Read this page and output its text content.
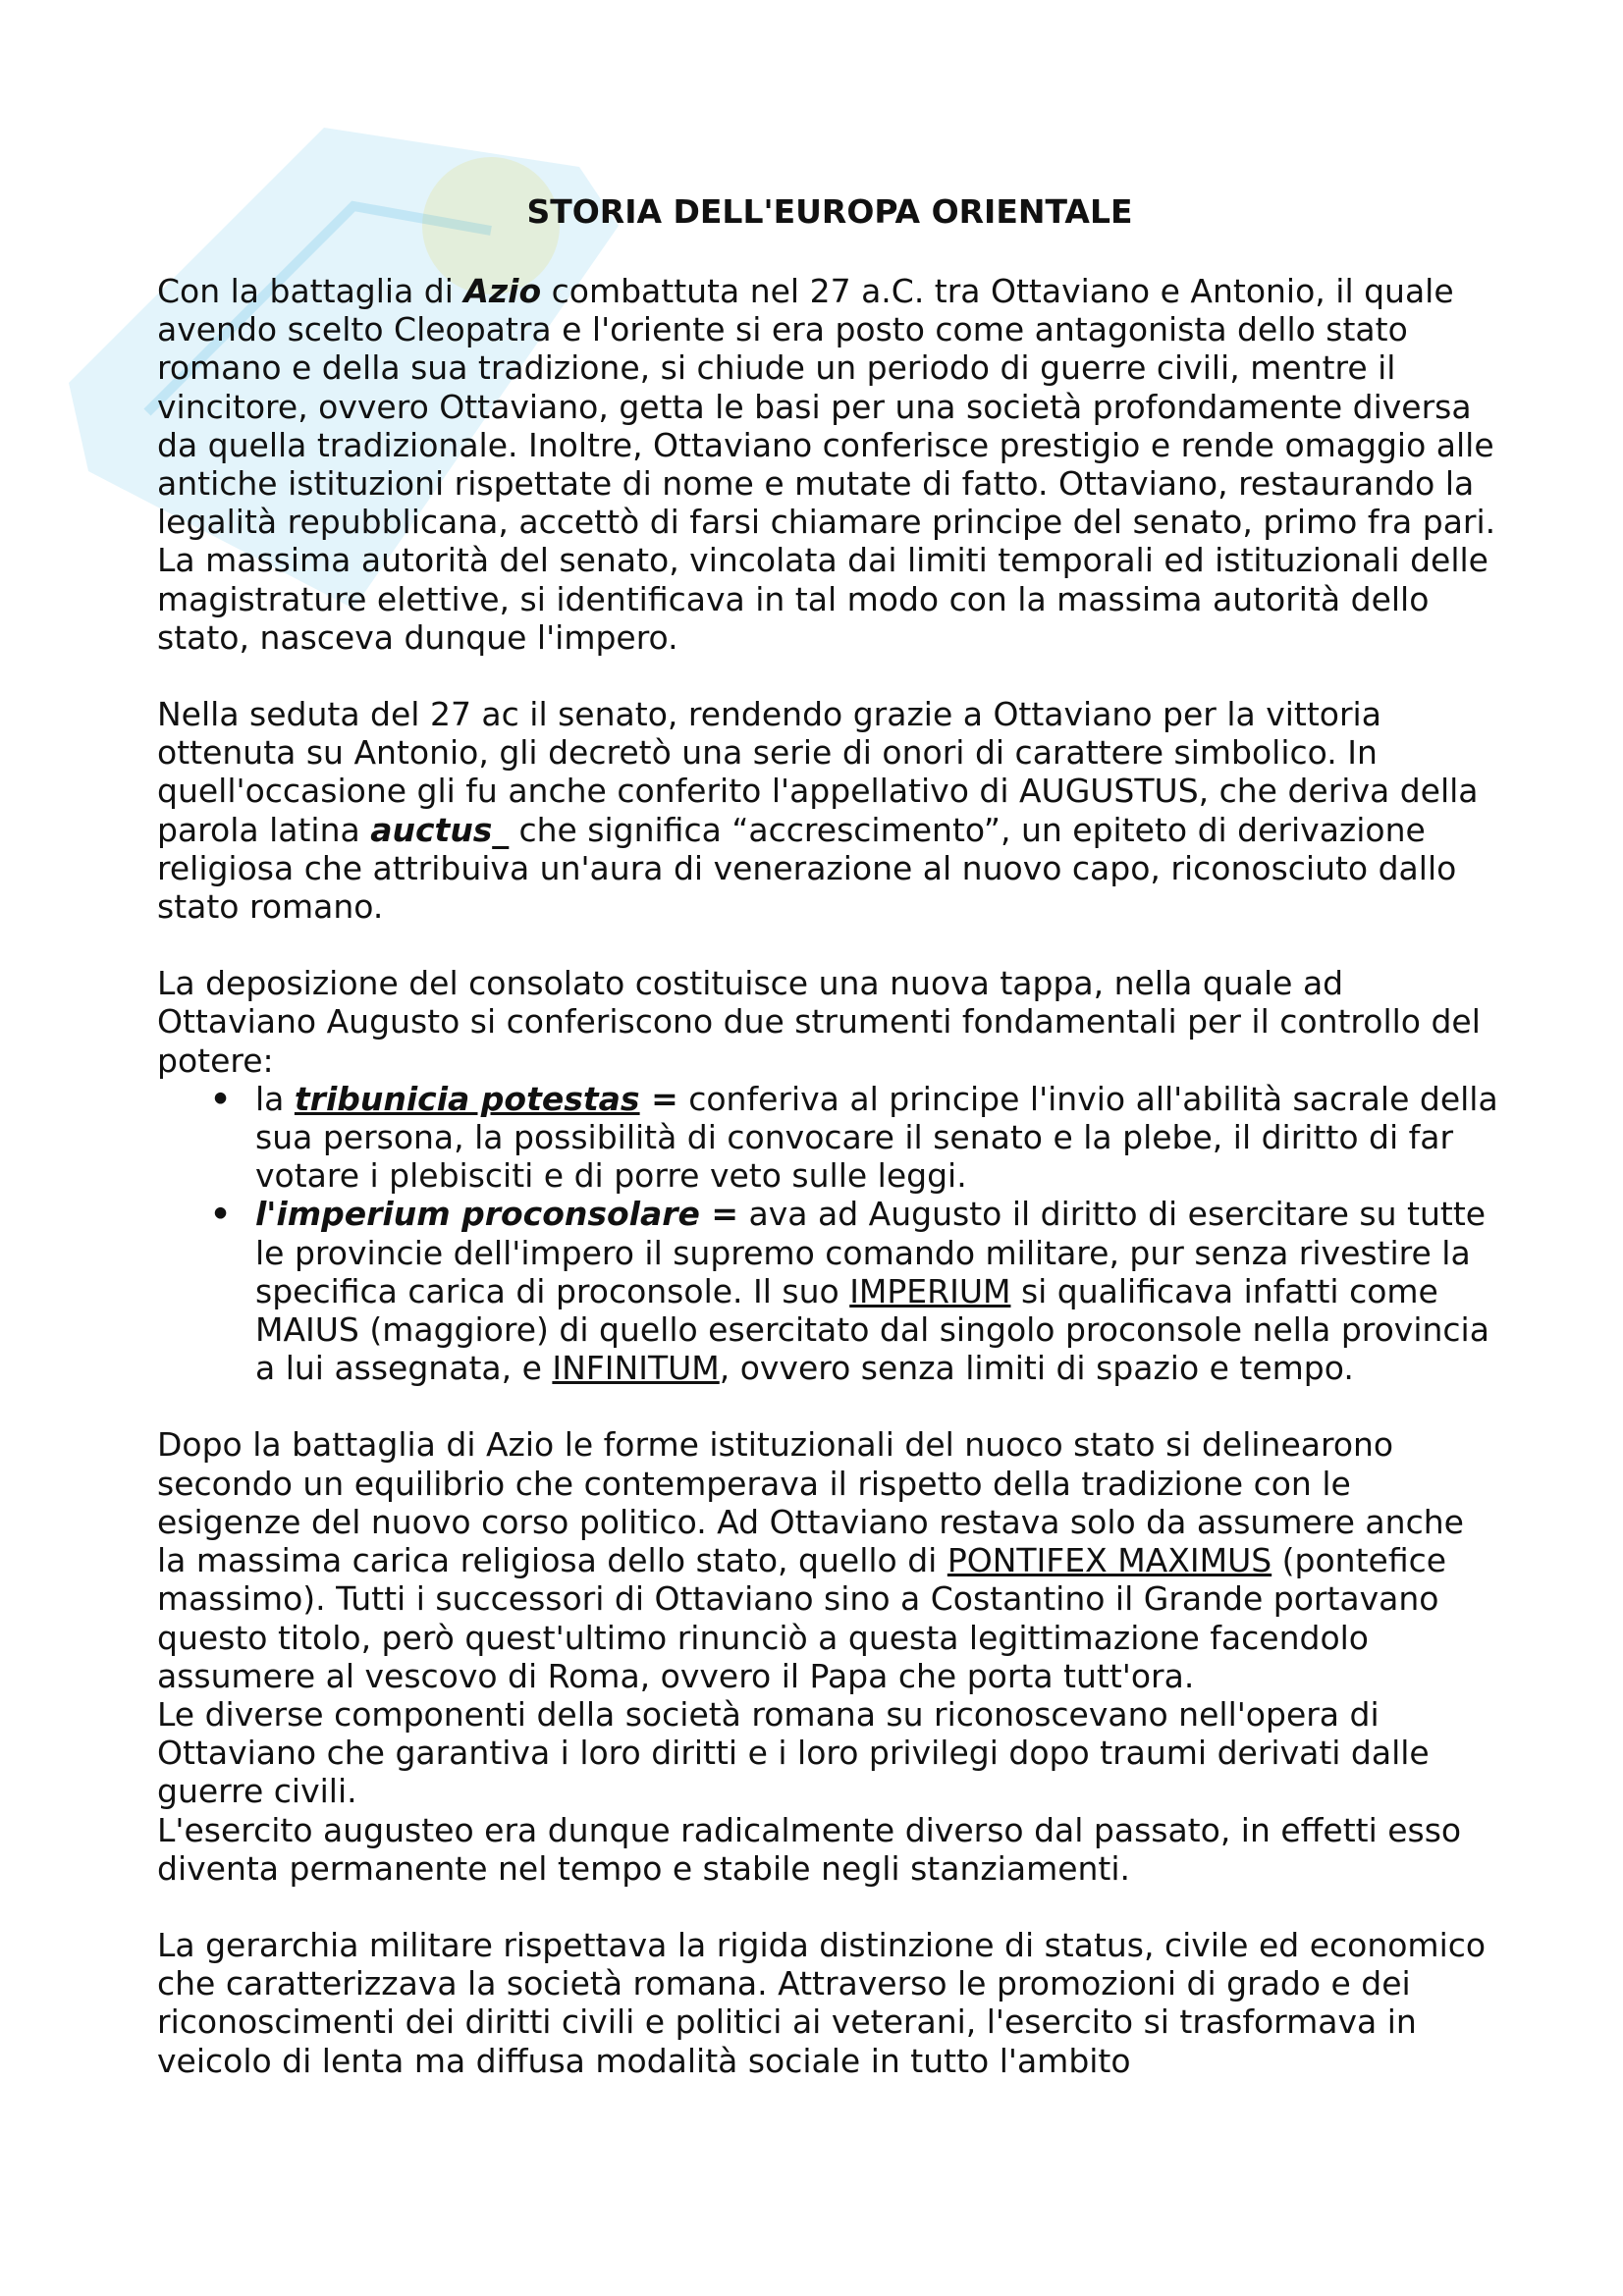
STORIA DELL'EUROPA ORIENTALE

Con la battaglia di Azio combattuta nel 27 a.C. tra Ottaviano e Antonio, il quale avendo scelto Cleopatra e l'oriente si era posto come antagonista dello stato romano e della sua tradizione, si chiude un periodo di guerre civili, mentre il vincitore, ovvero Ottaviano, getta le basi per una società profondamente diversa da quella tradizionale. Inoltre, Ottaviano conferisce prestigio e rende omaggio alle antiche istituzioni rispettate di nome e mutate di fatto. Ottaviano, restaurando la legalità repubblicana, accettò di farsi chiamare principe del senato, primo fra pari. La massima autorità del senato, vincolata dai limiti temporali ed istituzionali delle magistrature elettive, si identificava in tal modo con la massima autorità dello stato, nasceva dunque l'impero.

Nella seduta del 27 ac il senato, rendendo grazie a Ottaviano per la vittoria ottenuta su Antonio, gli decretò una serie di onori di carattere simbolico. In quell'occasione gli fu anche conferito l'appellativo di AUGUSTUS, che deriva della parola latina auctus_ che significa “accrescimento”, un epiteto di derivazione religiosa che attribuiva un'aura di venerazione al nuovo capo, riconosciuto dallo stato romano.

La deposizione del consolato costituisce una nuova tappa, nella quale ad Ottaviano Augusto si conferiscono due strumenti fondamentali per il controllo del potere:

• la tribunicia potestas = conferiva al principe l'invio all'abilità sacrale della sua persona, la possibilità di convocare il senato e la plebe, il diritto di far votare i plebisciti e di porre veto sulle leggi.
• l'imperium proconsolare = ava ad Augusto il diritto di esercitare su tutte le provincie dell'impero il supremo comando militare, pur senza rivestire la specifica carica di proconsole. Il suo IMPERIUM si qualificava infatti come MAIUS (maggiore) di quello esercitato dal singolo proconsole nella provincia a lui assegnata, e INFINITUM, ovvero senza limiti di spazio e tempo.

Dopo la battaglia di Azio le forme istituzionali del nuoco stato si delinearono secondo un equilibrio che contemperava il rispetto della tradizione con le esigenze del nuovo corso politico. Ad Ottaviano restava solo da assumere anche la massima carica religiosa dello stato, quello di PONTIFEX MAXIMUS (pontefice massimo). Tutti i successori di Ottaviano sino a Costantino il Grande portavano questo titolo, però quest'ultimo rinunciò a questa legittimazione facendolo assumere al vescovo di Roma, ovvero il Papa che porta tutt'ora.

Le diverse componenti della società romana su riconoscevano nell'opera di Ottaviano che garantiva i loro diritti e i loro privilegi dopo traumi derivati dalle guerre civili.

L'esercito augusteo era dunque radicalmente diverso dal passato, in effetti esso diventa permanente nel tempo e stabile negli stanziamenti.

La gerarchia militare rispettava la rigida distinzione di status, civile ed economico che caratterizzava la società romana. Attraverso le promozioni di grado e dei riconoscimenti dei diritti civili e politici ai veterani, l'esercito si trasformava in veicolo di lenta ma diffusa modalità sociale in tutto l'ambito
